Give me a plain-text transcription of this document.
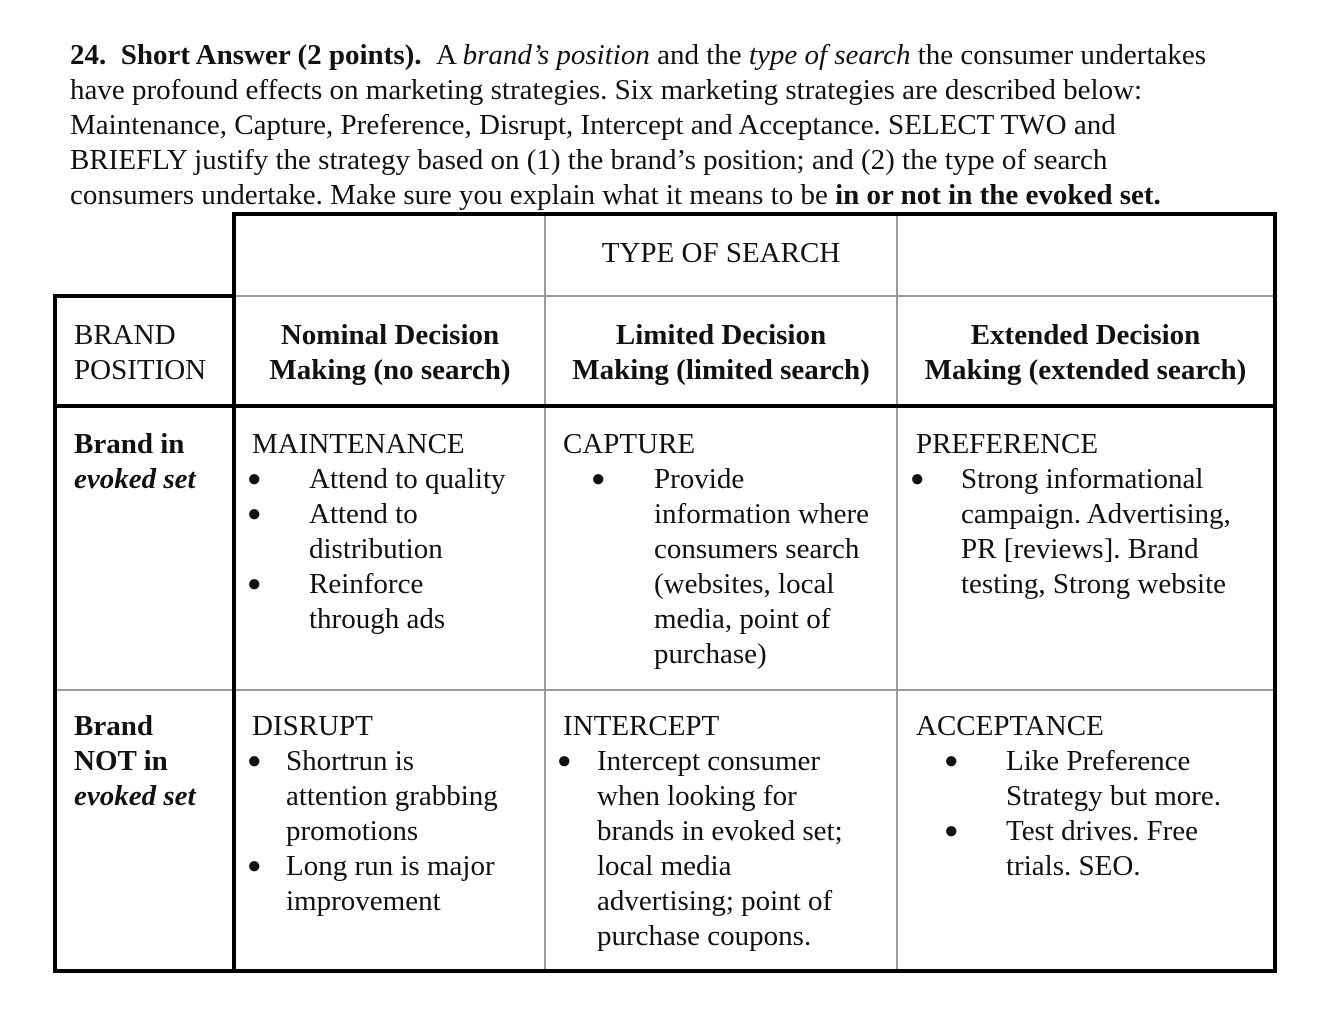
24. Short Answer (2 points). A brand’s position and the type of search the consumer undertakes
have profound effects on marketing strategies. Six marketing strategies are described below:
Maintenance, Capture, Preference, Disrupt, Intercept and Acceptance. SELECT TWO and
BRIEFLY justify the strategy based on (1) the brand’s position; and (2) the type of search
consumers undertake. Make sure you explain what it means to be in or not in the evoked set.
TYPE OF SEARCH
BRAND
POSITION
Nominal Decision
Making (no search)
Limited Decision
Making (limited search)
Extended Decision
Making (extended search)
Brand in
evoked set
Brand
NOT in
evoked set
MAINTENANCE
● Attend to quality
● Attend to
distribution
● Reinforce
through ads
CAPTURE
● Provide
information where
consumers search
(websites, local
media, point of
purchase)
PREFERENCE
● Strong informational
campaign. Advertising,
PR [reviews]. Brand
testing, Strong website
DISRUPT
● Shortrun is
attention grabbing
promotions
● Long run is major
improvement
INTERCEPT
● Intercept consumer
when looking for
brands in evoked set;
local media
advertising; point of
purchase coupons.
ACCEPTANCE
● Like Preference
Strategy but more.
● Test drives. Free
trials. SEO.
